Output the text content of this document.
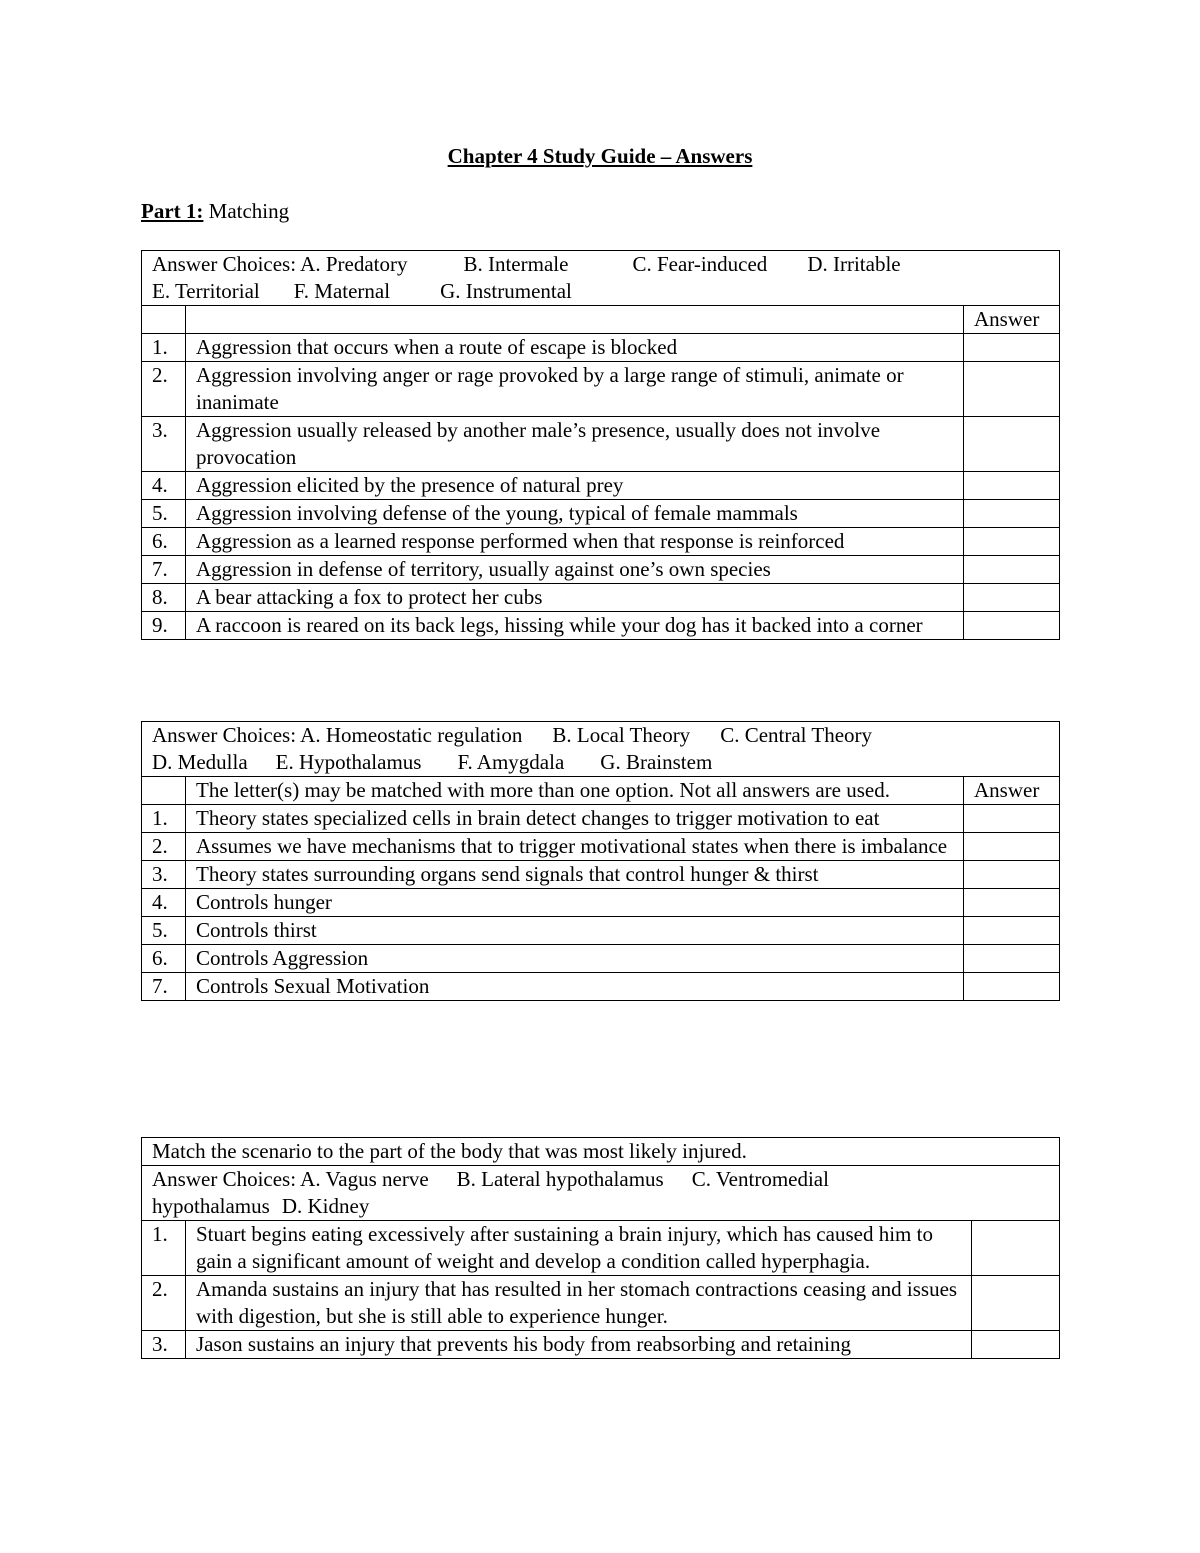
Chapter 4 Study Guide – Answers
Part 1: Matching
Answer Choices: A. Predatory B. Intermale C. Fear-induced D. Irritable
E. Territorial F. Maternal G. Instrumental		

		Answer
1.	Aggression that occurs when a route of escape is blocked	
2.	Aggression involving anger or rage provoked by a large range of stimuli, animate or inanimate	
3.	Aggression usually released by another male’s presence, usually does not involve provocation	
4.	Aggression elicited by the presence of natural prey	
5.	Aggression involving defense of the young, typical of female mammals	
6.	Aggression as a learned response performed when that response is reinforced	
7.	Aggression in defense of territory, usually against one’s own species	
8.	A bear attacking a fox to protect her cubs	
9.	A raccoon is reared on its back legs, hissing while your dog has it backed into a corner	
Answer Choices: A. Homeostatic regulation B. Local Theory C. Central Theory
D. Medulla E. Hypothalamus F. Amygdala G. Brainstem		

	The letter(s) may be matched with more than one option. Not all answers are used.	Answer
1.	Theory states specialized cells in brain detect changes to trigger motivation to eat	
2.	Assumes we have mechanisms that to trigger motivational states when there is imbalance	
3.	Theory states surrounding organs send signals that control hunger & thirst	
4.	Controls hunger	
5.	Controls thirst	
6.	Controls Aggression	
7.	Controls Sexual Motivation	
Match the scenario to the part of the body that was most likely injured.		

Answer Choices: A. Vagus nerve B. Lateral hypothalamus C. Ventromedial
hypothalamus D. Kidney		

1.	Stuart begins eating excessively after sustaining a brain injury, which has caused him to gain a significant amount of weight and develop a condition called hyperphagia.	
2.	Amanda sustains an injury that has resulted in her stomach contractions ceasing and issues with digestion, but she is still able to experience hunger.	
3.	Jason sustains an injury that prevents his body from reabsorbing and retaining	
